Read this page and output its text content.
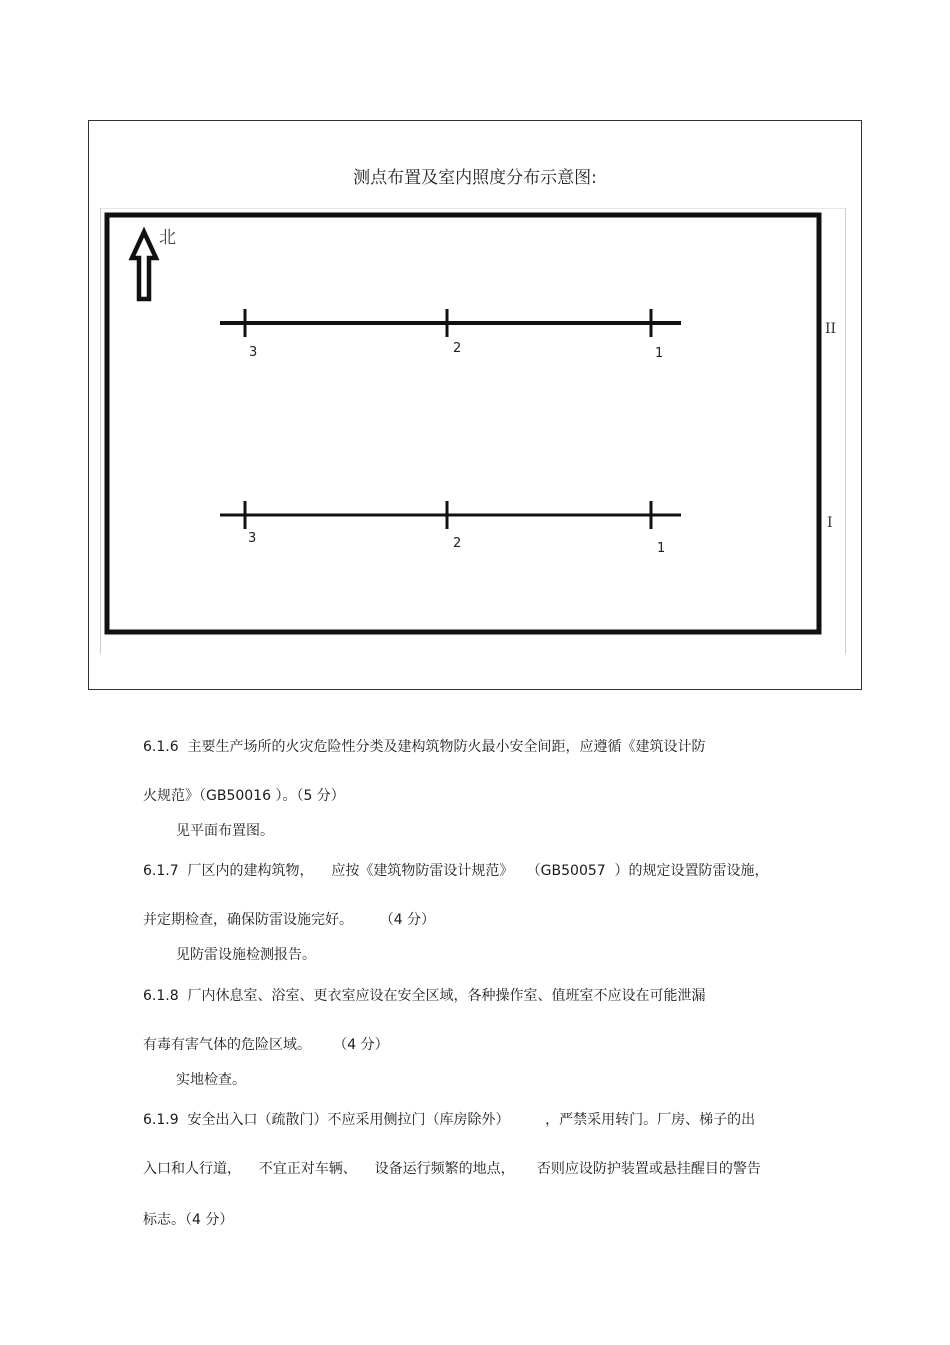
测点布置及室内照度分布示意图:
北
3	2	1
II
3	2	1
I
6.1.6  主要生产场所的火灾危险性分类及建构筑物防火最小安全间距，应遵循《建筑设计防
火规范》（GB50016 ）。（5 分）
见平面布置图。
6.1.7  厂区内的建构筑物，    应按《建筑物防雷设计规范》   （GB50057  ）的规定设置防雷设施，
并定期检查，确保防雷设施完好。      （4 分）
见防雷设施检测报告。
6.1.8  厂内休息室、浴室、更衣室应设在安全区域，各种操作室、值班室不应设在可能泄漏
有毒有害气体的危险区域。     （4 分）
实地检查。
6.1.9  安全出入口（疏散门）不应采用侧拉门（库房除外）        ，严禁采用转门。厂房、梯子的出
入口和人行道，    不宜正对车辆、    设备运行频繁的地点，     否则应设防护装置或悬挂醒目的警告
标志。（4 分）
